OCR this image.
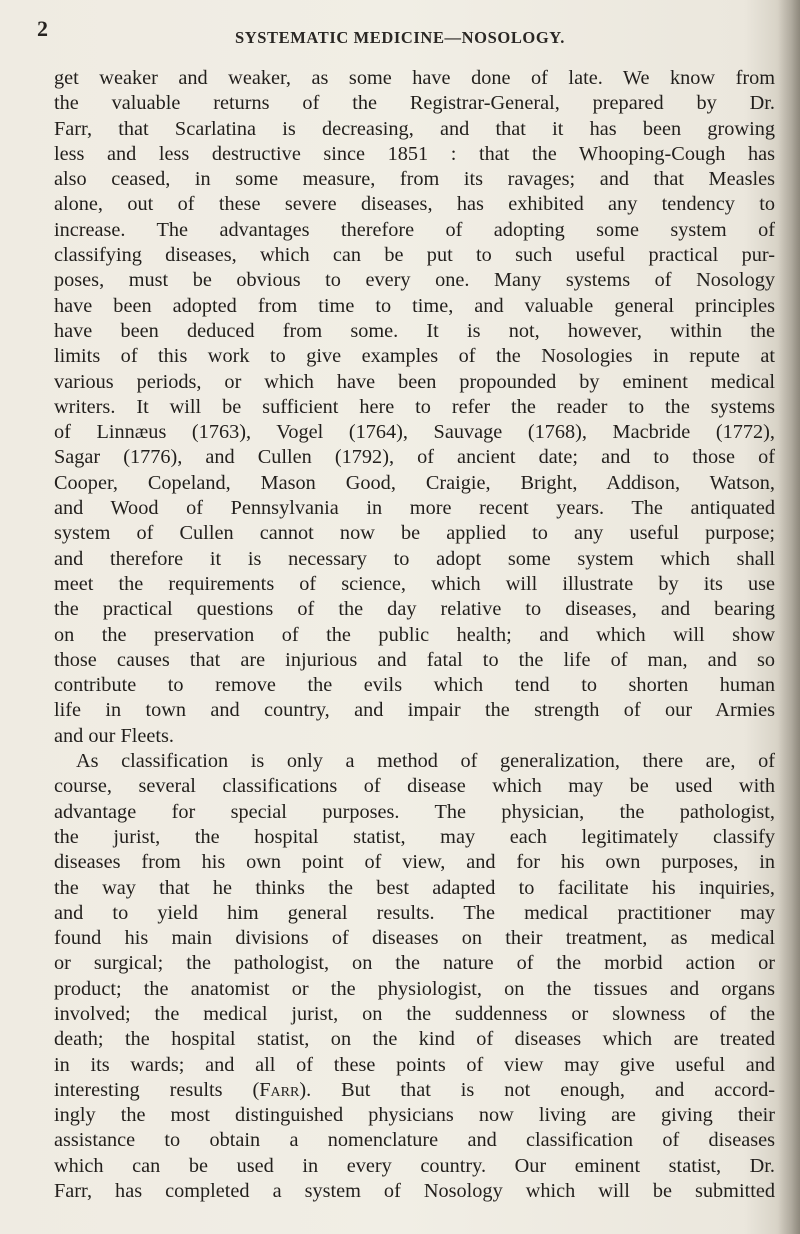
2	SYSTEMATIC MEDICINE—NOSOLOGY.
get weaker and weaker, as some have done of late. We know from
the valuable returns of the Registrar-General, prepared by Dr.
Farr, that Scarlatina is decreasing, and that it has been growing
less and less destructive since 1851 : that the Whooping-Cough has
also ceased, in some measure, from its ravages; and that Measles
alone, out of these severe diseases, has exhibited any tendency to
increase. The advantages therefore of adopting some system of
classifying diseases, which can be put to such useful practical pur-
poses, must be obvious to every one. Many systems of Nosology
have been adopted from time to time, and valuable general principles
have been deduced from some. It is not, however, within the
limits of this work to give examples of the Nosologies in repute at
various periods, or which have been propounded by eminent medical
writers. It will be sufficient here to refer the reader to the systems
of Linnæus (1763), Vogel (1764), Sauvage (1768), Macbride (1772),
Sagar (1776), and Cullen (1792), of ancient date; and to those of
Cooper, Copeland, Mason Good, Craigie, Bright, Addison, Watson,
and Wood of Pennsylvania in more recent years. The antiquated
system of Cullen cannot now be applied to any useful purpose;
and therefore it is necessary to adopt some system which shall
meet the requirements of science, which will illustrate by its use
the practical questions of the day relative to diseases, and bearing
on the preservation of the public health; and which will show
those causes that are injurious and fatal to the life of man, and so
contribute to remove the evils which tend to shorten human
life in town and country, and impair the strength of our Armies
and our Fleets.
As classification is only a method of generalization, there are, of
course, several classifications of disease which may be used with
advantage for special purposes. The physician, the pathologist,
the jurist, the hospital statist, may each legitimately classify
diseases from his own point of view, and for his own purposes, in
the way that he thinks the best adapted to facilitate his inquiries,
and to yield him general results. The medical practitioner may
found his main divisions of diseases on their treatment, as medical
or surgical; the pathologist, on the nature of the morbid action or
product; the anatomist or the physiologist, on the tissues and organs
involved; the medical jurist, on the suddenness or slowness of the
death; the hospital statist, on the kind of diseases which are treated
in its wards; and all of these points of view may give useful and
interesting results (Farr). But that is not enough, and accord-
ingly the most distinguished physicians now living are giving their
assistance to obtain a nomenclature and classification of diseases
which can be used in every country. Our eminent statist, Dr.
Farr, has completed a system of Nosology which will be submitted
